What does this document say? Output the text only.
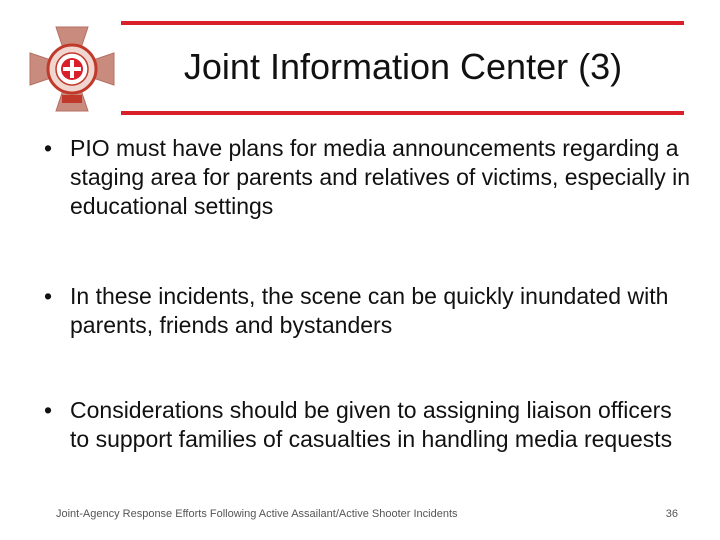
Joint Information Center (3)
• PIO must have plans for media announcements regarding a staging area for parents and relatives of victims, especially in educational settings
• In these incidents, the scene can be quickly inundated with parents, friends and bystanders
• Considerations should be given to assigning liaison officers to support families of casualties in handling media requests
Joint-Agency Response Efforts Following Active Assailant/Active Shooter Incidents	36
